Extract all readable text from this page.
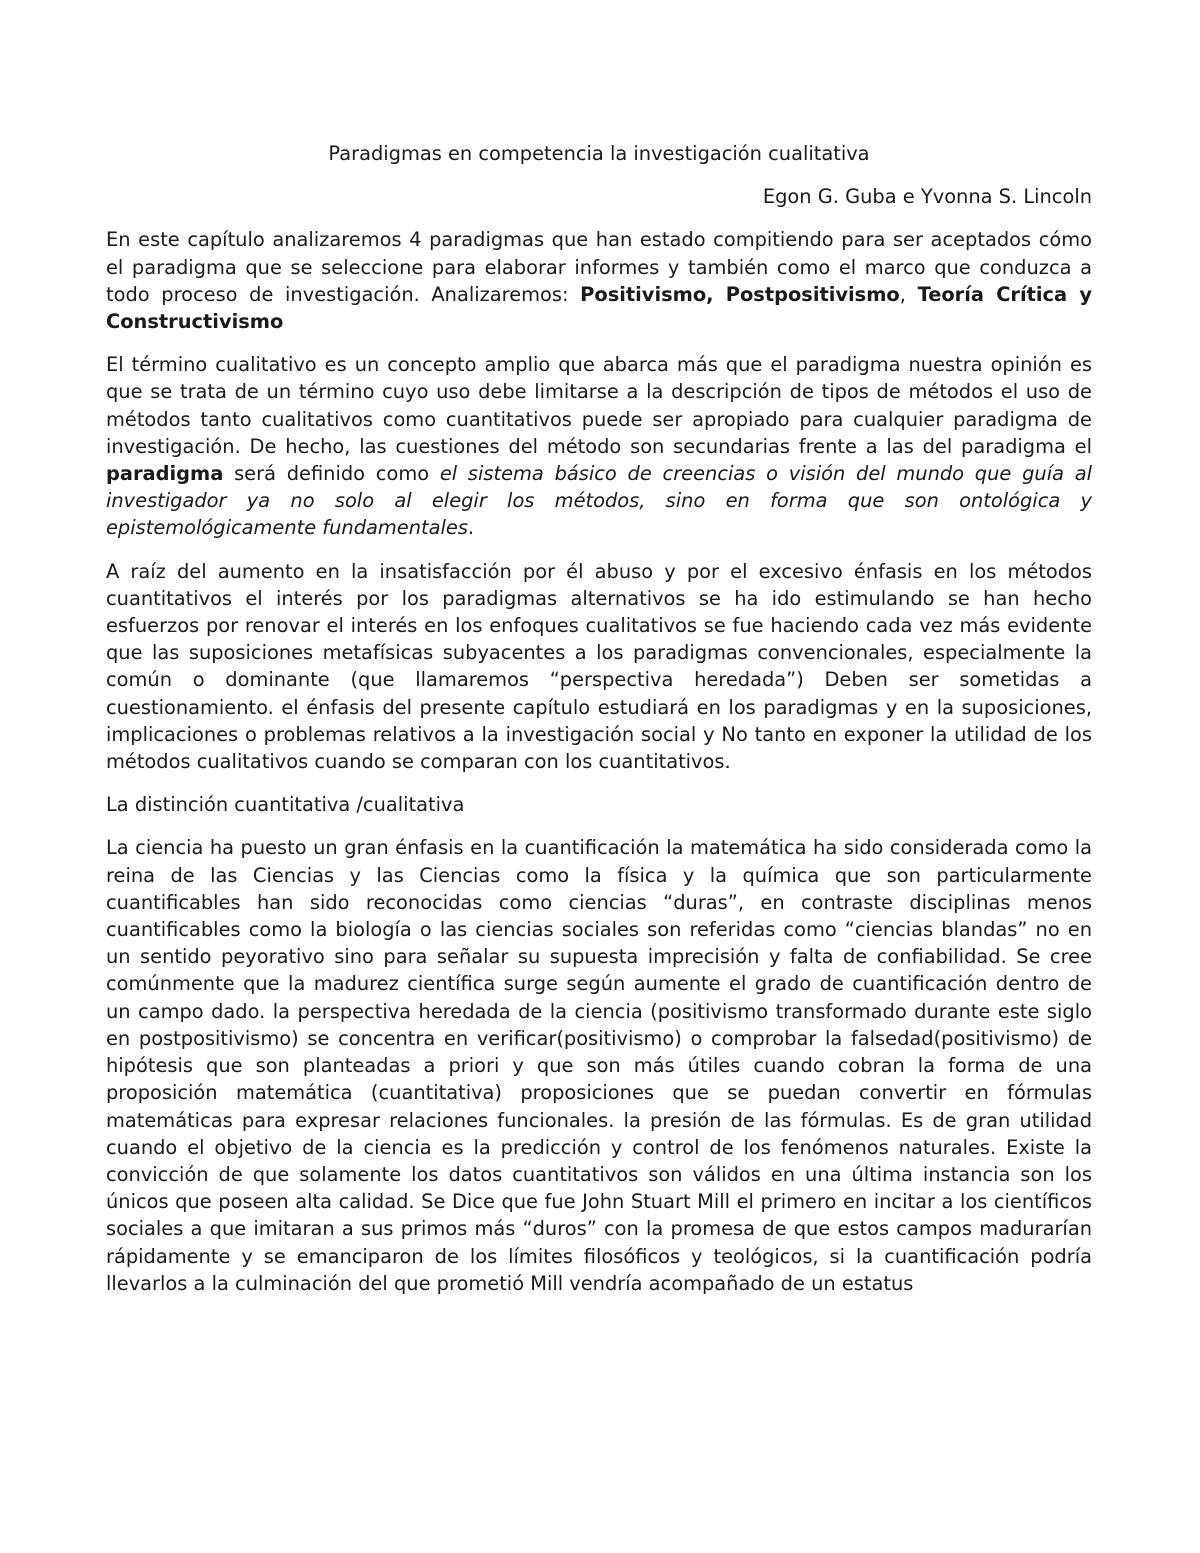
Paradigmas en competencia la investigación cualitativa
Egon G. Guba e Yvonna S. Lincoln

En este capítulo analizaremos 4 paradigmas que han estado compitiendo para ser aceptados cómo el paradigma que se seleccione para elaborar informes y también como el marco que conduzca a todo proceso de investigación. Analizaremos: Positivismo, Postpositivismo, Teoría Crítica y Constructivismo

El término cualitativo es un concepto amplio que abarca más que el paradigma nuestra opinión es que se trata de un término cuyo uso debe limitarse a la descripción de tipos de métodos el uso de métodos tanto cualitativos como cuantitativos puede ser apropiado para cualquier paradigma de investigación. De hecho, las cuestiones del método son secundarias frente a las del paradigma el paradigma será definido como el sistema básico de creencias o visión del mundo que guía al investigador ya no solo al elegir los métodos, sino en forma que son ontológica y epistemológicamente fundamentales.

A raíz del aumento en la insatisfacción por él abuso y por el excesivo énfasis en los métodos cuantitativos el interés por los paradigmas alternativos se ha ido estimulando se han hecho esfuerzos por renovar el interés en los enfoques cualitativos se fue haciendo cada vez más evidente que las suposiciones metafísicas subyacentes a los paradigmas convencionales, especialmente la común o dominante (que llamaremos “perspectiva heredada”) Deben ser sometidas a cuestionamiento. el énfasis del presente capítulo estudiará en los paradigmas y en la suposiciones, implicaciones o problemas relativos a la investigación social y No tanto en exponer la utilidad de los métodos cualitativos cuando se comparan con los cuantitativos.

La distinción cuantitativa /cualitativa

La ciencia ha puesto un gran énfasis en la cuantificación la matemática ha sido considerada como la reina de las Ciencias y las Ciencias como la física y la química que son particularmente cuantificables han sido reconocidas como ciencias “duras”, en contraste disciplinas menos cuantificables como la biología o las ciencias sociales son referidas como “ciencias blandas” no en un sentido peyorativo sino para señalar su supuesta imprecisión y falta de confiabilidad. Se cree comúnmente que la madurez científica surge según aumente el grado de cuantificación dentro de un campo dado. la perspectiva heredada de la ciencia (positivismo transformado durante este siglo en postpositivismo) se concentra en verificar(positivismo) o comprobar la falsedad(positivismo) de hipótesis que son planteadas a priori y que son más útiles cuando cobran la forma de una proposición matemática (cuantitativa) proposiciones que se puedan convertir en fórmulas matemáticas para expresar relaciones funcionales. la presión de las fórmulas. Es de gran utilidad cuando el objetivo de la ciencia es la predicción y control de los fenómenos naturales. Existe la convicción de que solamente los datos cuantitativos son válidos en una última instancia son los únicos que poseen alta calidad. Se Dice que fue John Stuart Mill el primero en incitar a los científicos sociales a que imitaran a sus primos más “duros” con la promesa de que estos campos madurarían rápidamente y se emanciparon de los límites filosóficos y teológicos, si la cuantificación podría llevarlos a la culminación del que prometió Mill vendría acompañado de un estatus
